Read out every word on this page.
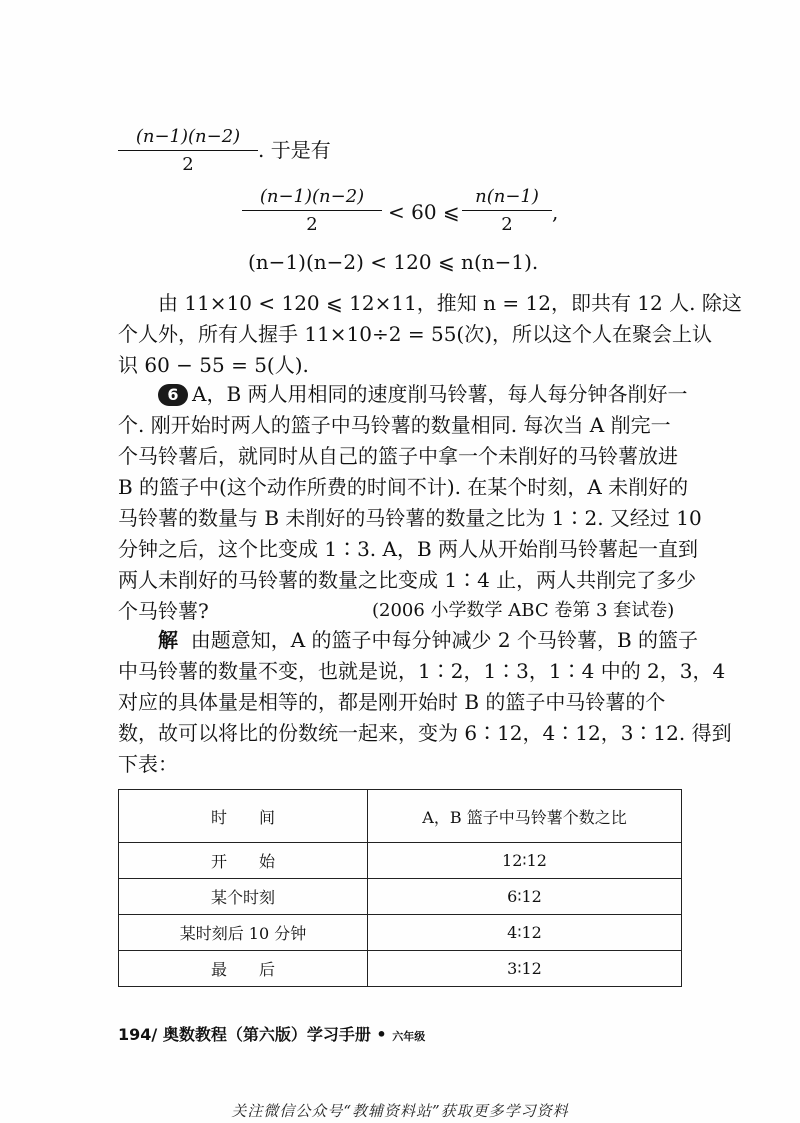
(n−1)(n−2)
2
. 于是有
(n−1)(n−2)
2
< 60 ⩽
n(n−1)
2
,
(n−1)(n−2) < 120 ⩽ n(n−1).
由 11×10 < 120 ⩽ 12×11，推知 n = 12，即共有 12 人. 除这
个人外，所有人握手 11×10÷2 = 55(次)，所以这个人在聚会上认
识 60 − 55 = 5(人).
6 A，B 两人用相同的速度削马铃薯，每人每分钟各削好一
个. 刚开始时两人的篮子中马铃薯的数量相同. 每次当 A 削完一
个马铃薯后，就同时从自己的篮子中拿一个未削好的马铃薯放进
B 的篮子中(这个动作所费的时间不计). 在某个时刻，A 未削好的
马铃薯的数量与 B 未削好的马铃薯的数量之比为 1∶2. 又经过 10
分钟之后，这个比变成 1∶3. A，B 两人从开始削马铃薯起一直到
两人未削好的马铃薯的数量之比变成 1∶4 止，两人共削完了多少
个马铃薯?	(2006 小学数学 ABC 卷第 3 套试卷)
解 由题意知，A 的篮子中每分钟减少 2 个马铃薯，B 的篮子
中马铃薯的数量不变，也就是说，1∶2，1∶3，1∶4 中的 2，3，4
对应的具体量是相等的，都是刚开始时 B 的篮子中马铃薯的个
数，故可以将比的份数统一起来，变为 6∶12，4∶12，3∶12. 得到
下表：
时　　间	A，B 篮子中马铃薯个数之比
开　　始	12∶12
某个时刻	6∶12
某时刻后 10 分钟	4∶12
最　　后	3∶12
194/ 奥数教程（第六版）学习手册 • 六年级
关注微信公众号“教辅资料站”获取更多学习资料
